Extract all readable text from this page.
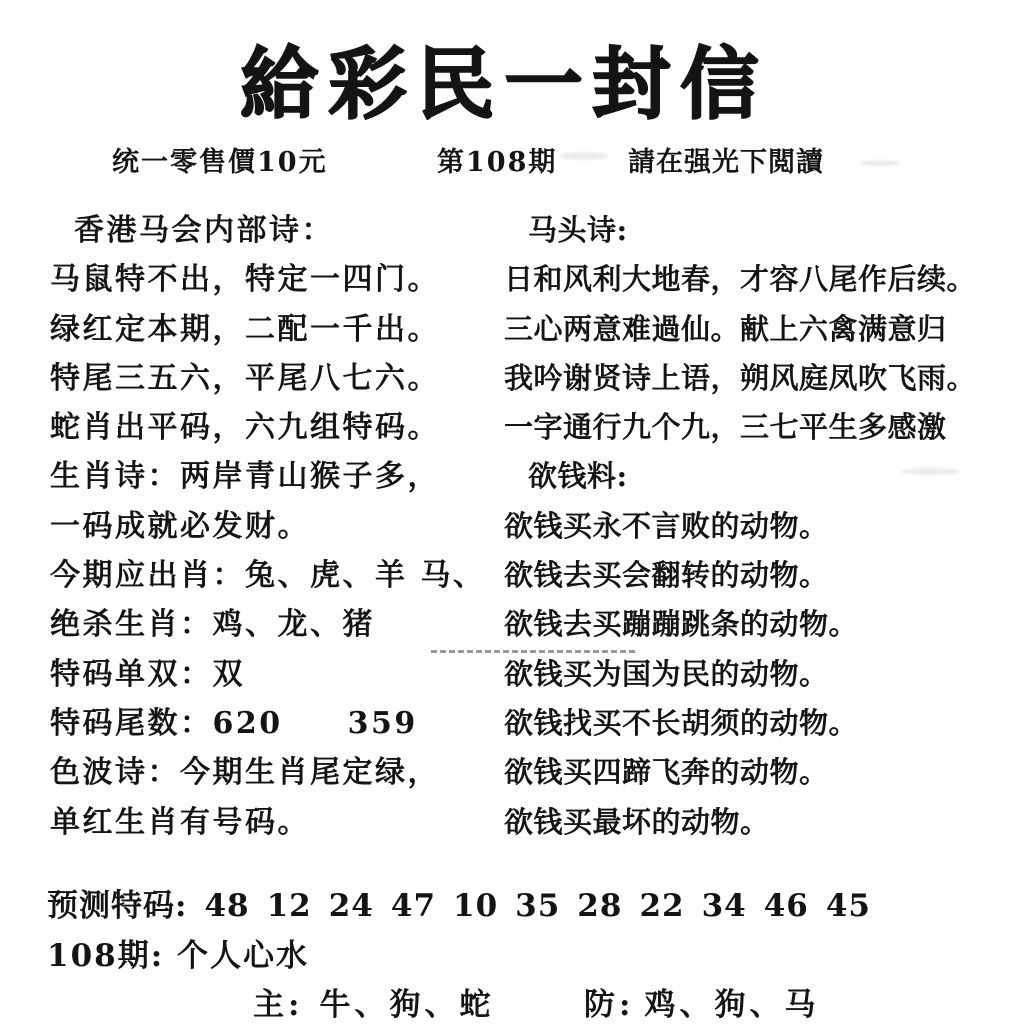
給彩民一封信
统一零售價10元	第108期	請在强光下閲讀
香港马会内部诗：
马鼠特不出，特定一四门。
绿红定本期，二配一千出。
特尾三五六，平尾八七六。
蛇肖出平码，六九组特码。
生肖诗：两岸青山猴子多，
一码成就必发财。
今期应出肖：兔、虎、羊 马、
绝杀生肖：鸡、龙、猪
特码单双：双
特码尾数：620　　359
色波诗：今期生肖尾定绿，
单红生肖有号码。
马头诗:
日和风利大地春，才容八尾作后续。
三心两意难過仙。献上六禽满意归
我吟谢贤诗上语，朔风庭凤吹飞雨。
一字通行九个九，三七平生多感激
欲钱料:
欲钱买永不言败的动物。
欲钱去买会翻转的动物。
欲钱去买蹦蹦跳条的动物。
欲钱买为国为民的动物。
欲钱找买不长胡须的动物。
欲钱买四蹄飞奔的动物。
欲钱买最坏的动物。
预测特码: 48 12 24 47 10 35 28 22 34 46 45
108期: 个人心水
主: 牛、狗、蛇	防: 鸡、狗、马
